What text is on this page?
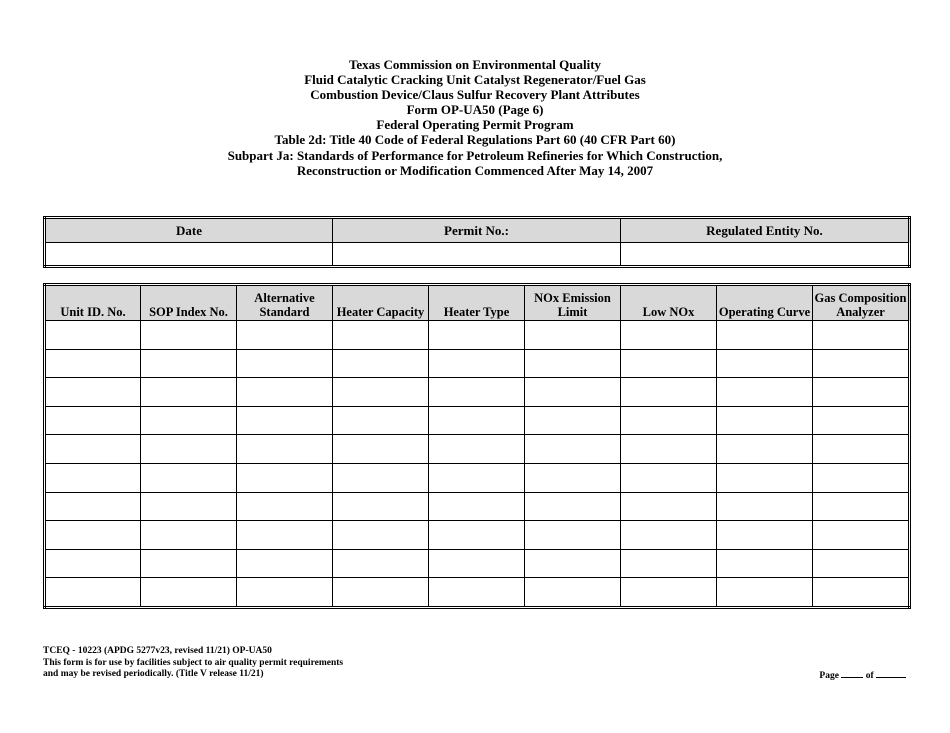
Texas Commission on Environmental Quality
Fluid Catalytic Cracking Unit Catalyst Regenerator/Fuel Gas
Combustion Device/Claus Sulfur Recovery Plant Attributes
Form OP-UA50 (Page 6)
Federal Operating Permit Program
Table 2d: Title 40 Code of Federal Regulations Part 60 (40 CFR Part 60)
Subpart Ja: Standards of Performance for Petroleum Refineries for Which Construction,
Reconstruction or Modification Commenced After May 14, 2007
Date	Permit No.:	Regulated Entity No.

Unit ID. No.	SOP Index No.	Alternative Standard	Heater Capacity	Heater Type	NOx Emission Limit	Low NOx	Operating Curve	Gas Composition Analyzer

TCEQ - 10223 (APDG 5277v23, revised 11/21) OP-UA50
This form is for use by facilities subject to air quality permit requirements
and may be revised periodically. (Title V release 11/21)	Page	of
